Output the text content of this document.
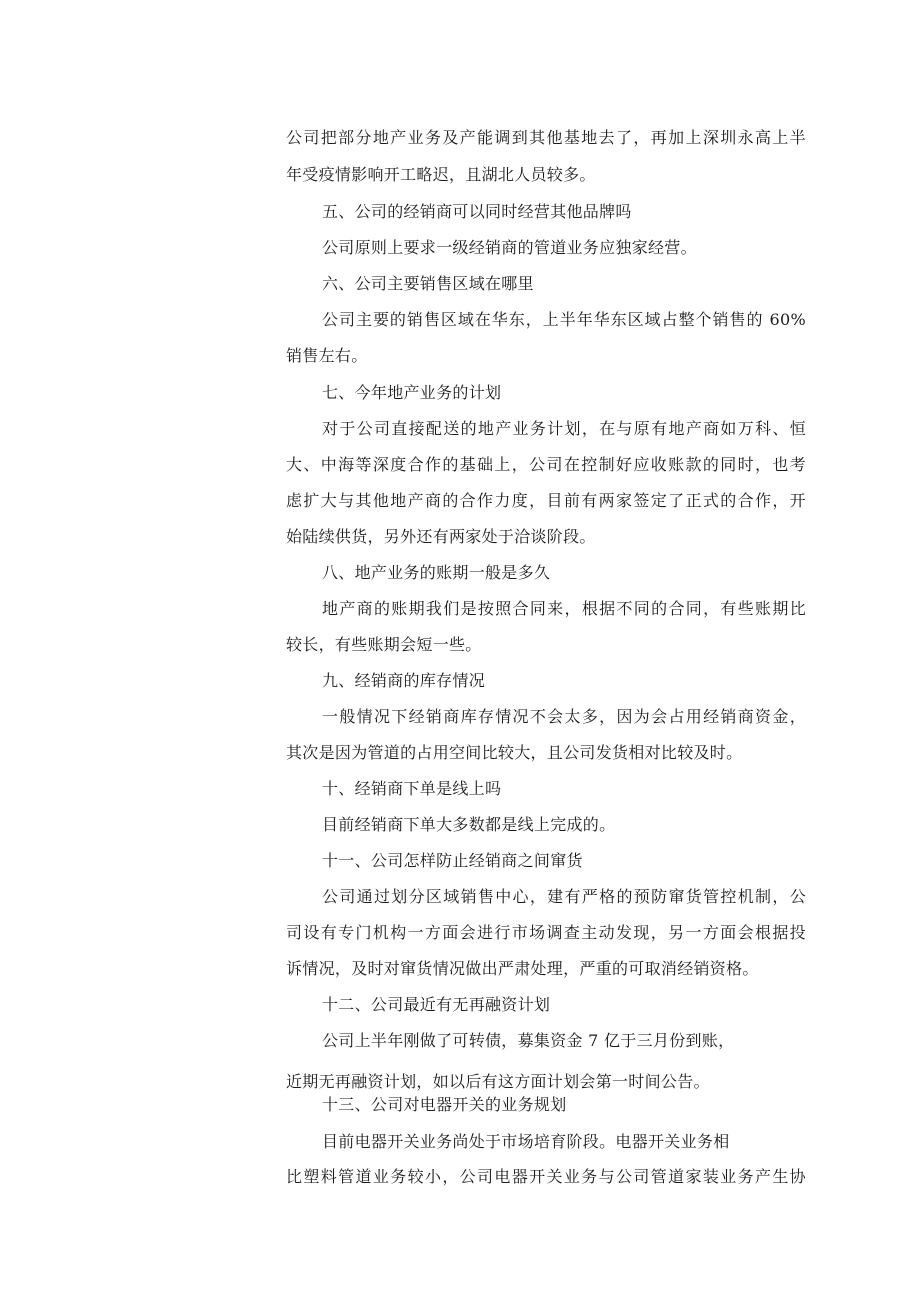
公司把部分地产业务及产能调到其他基地去了，再加上深圳永高上半
年受疫情影响开工略迟，且湖北人员较多。
五、公司的经销商可以同时经营其他品牌吗
公司原则上要求一级经销商的管道业务应独家经营。
六、公司主要销售区域在哪里
公司主要的销售区域在华东，上半年华东区域占整个销售的 60%
销售左右。
七、今年地产业务的计划
对于公司直接配送的地产业务计划，在与原有地产商如万科、恒
大、中海等深度合作的基础上，公司在控制好应收账款的同时，也考
虑扩大与其他地产商的合作力度，目前有两家签定了正式的合作，开
始陆续供货，另外还有两家处于洽谈阶段。
八、地产业务的账期一般是多久
地产商的账期我们是按照合同来，根据不同的合同，有些账期比
较长，有些账期会短一些。
九、经销商的库存情况
一般情况下经销商库存情况不会太多，因为会占用经销商资金，
其次是因为管道的占用空间比较大，且公司发货相对比较及时。
十、经销商下单是线上吗
目前经销商下单大多数都是线上完成的。
十一、公司怎样防止经销商之间窜货
公司通过划分区域销售中心，建有严格的预防窜货管控机制，公
司设有专门机构一方面会进行市场调查主动发现，另一方面会根据投
诉情况，及时对窜货情况做出严肃处理，严重的可取消经销资格。
十二、公司最近有无再融资计划
公司上半年刚做了可转债，募集资金 7 亿于三月份到账，
近期无再融资计划，如以后有这方面计划会第一时间公告。
十三、公司对电器开关的业务规划
目前电器开关业务尚处于市场培育阶段。电器开关业务相
比塑料管道业务较小，公司电器开关业务与公司管道家装业务产生协
